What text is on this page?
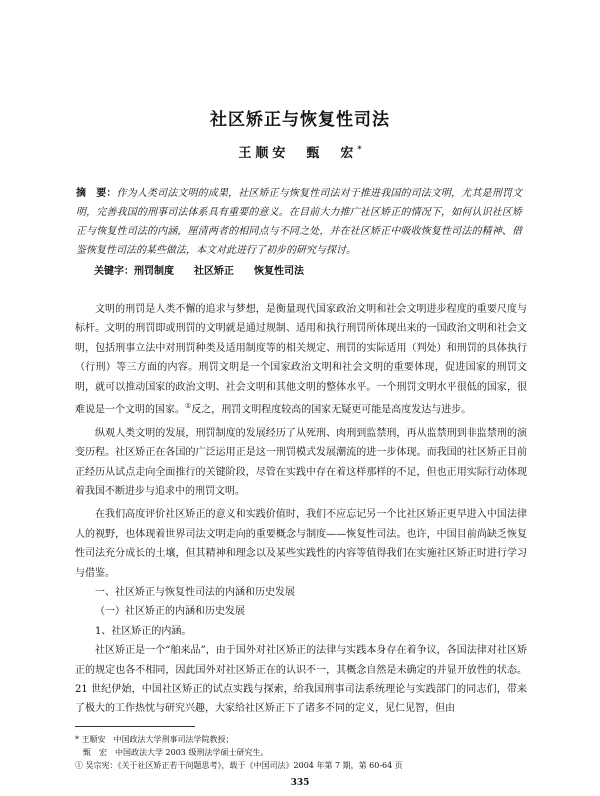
社区矫正与恢复性司法
王顺安　甄　宏*
摘　要：作为人类司法文明的成果，社区矫正与恢复性司法对于推进我国的司法文明，尤其是刑罚文明，完善我国的刑事司法体系具有重要的意义。在目前大力推广社区矫正的情况下，如何认识社区矫正与恢复性司法的内涵，厘清两者的相同点与不同之处，并在社区矫正中吸收恢复性司法的精神、借鉴恢复性司法的某些做法，本文对此进行了初步的研究与探讨。
关键字：刑罚制度　　社区矫正　　恢复性司法

文明的刑罚是人类不懈的追求与梦想，是衡量现代国家政治文明和社会文明进步程度的重要尺度与标杆。文明的刑罚即或刑罚的文明就是通过规制、适用和执行刑罚所体现出来的一国政治文明和社会文明，包括刑事立法中对刑罚种类及适用制度等的相关规定、刑罚的实际适用（判处）和刑罚的具体执行（行刑）等三方面的内容。刑罚文明是一个国家政治文明和社会文明的重要体现，促进国家的刑罚文明，就可以推动国家的政治文明、社会文明和其他文明的整体水平。一个刑罚文明水平很低的国家，很难说是一个文明的国家。①反之，刑罚文明程度较高的国家无疑更可能是高度发达与进步。

纵观人类文明的发展，刑罚制度的发展经历了从死刑、肉刑到监禁刑，再从监禁刑到非监禁刑的演变历程。社区矫正在各国的广泛运用正是这一刑罚模式发展潮流的进一步体现。而我国的社区矫正目前正经历从试点走向全面推行的关键阶段，尽管在实践中存在着这样那样的不足，但也正用实际行动体现着我国不断进步与追求中的刑罚文明。

在我们高度评价社区矫正的意义和实践价值时，我们不应忘记另一个比社区矫正更早进入中国法律人的视野，也体现着世界司法文明走向的重要概念与制度——恢复性司法。也许，中国目前尚缺乏恢复性司法充分成长的土壤，但其精神和理念以及某些实践性的内容等值得我们在实施社区矫正时进行学习与借鉴。

一、社区矫正与恢复性司法的内涵和历史发展

（一）社区矫正的内涵和历史发展

1、社区矫正的内涵。

社区矫正是一个“舶来品”，由于国外对社区矫正的法律与实践本身存在着争议，各国法律对社区矫正的规定也各不相同，因此国外对社区矫正在的认识不一，其概念自然是未确定的并显开放性的状态。21 世纪伊始，中国社区矫正的试点实践与探索，给我国刑事司法系统理论与实践部门的同志们，带来了极大的工作热忱与研究兴趣，大家给社区矫正下了诸多不同的定义，见仁见智，但由

* 王顺安　中国政法大学刑事司法学院教授；
　甄　宏　中国政法大学 2003 级刑法学硕士研究生。
① 吴宗宪：《关于社区矫正若干问题思考》，载于《中国司法》2004 年第 7 期，第 60-64 页
335
